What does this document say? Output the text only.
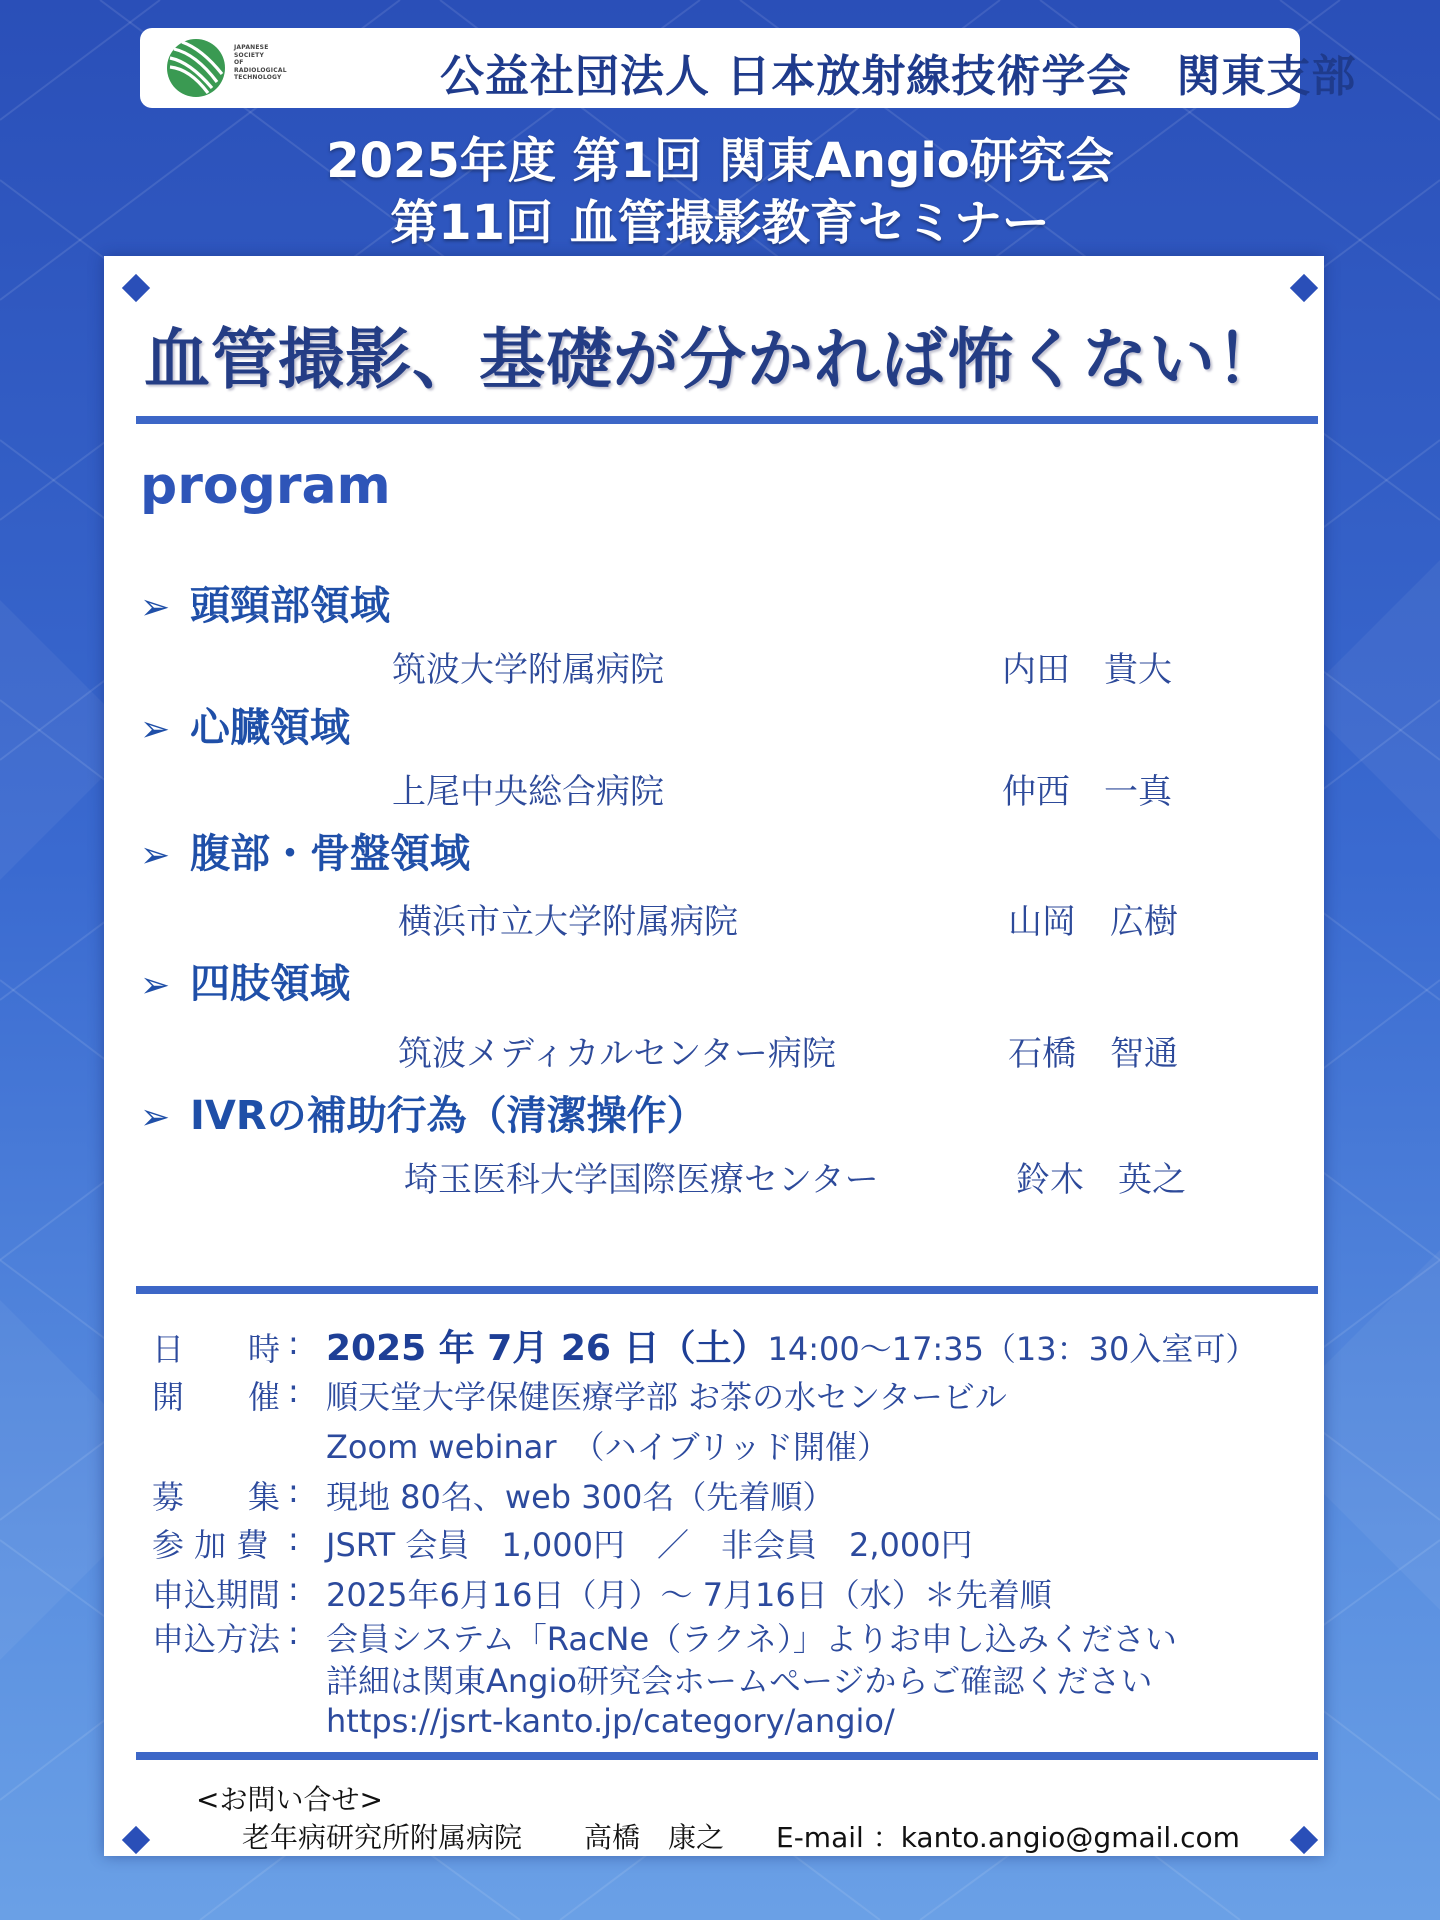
JAPANESE
SOCIETY
OF
RADIOLOGICAL
TECHNOLOGY	公益社団法人 日本放射線技術学会　関東支部
2025年度 第1回 関東Angio研究会
第11回 血管撮影教育セミナー
血管撮影、基礎が分かれば怖くない！
program
➢ 頭頸部領域
筑波大学附属病院	内田　貴大
➢ 心臓領域
上尾中央総合病院	仲西　一真
➢ 腹部・骨盤領域
横浜市立大学附属病院	山岡　広樹
➢ 四肢領域
筑波メディカルセンター病院	石橋　智通
➢ IVRの補助行為（清潔操作）
埼玉医科大学国際医療センター	鈴木　英之
日　　時 : 2025 年 7月 26 日（土）14:00～17:35（13：30入室可）
開　　催 : 順天堂大学保健医療学部 お茶の水センタービル
Zoom webinar　（ハイブリッド開催）
募　　集 : 現地 80名、web 300名（先着順）
参 加 費 : JSRT 会員　1,000円　／　非会員　2,000円
申込期間 : 2025年6月16日（月）～ 7月16日（水）＊先着順
申込方法 : 会員システム「RacNe（ラクネ）」よりお申し込みください
詳細は関東Angio研究会ホームページからご確認ください
https://jsrt-kanto.jp/category/angio/
<お問い合せ>
老年病研究所附属病院 高橋　康之 E-mail ：kanto.angio@gmail.com
